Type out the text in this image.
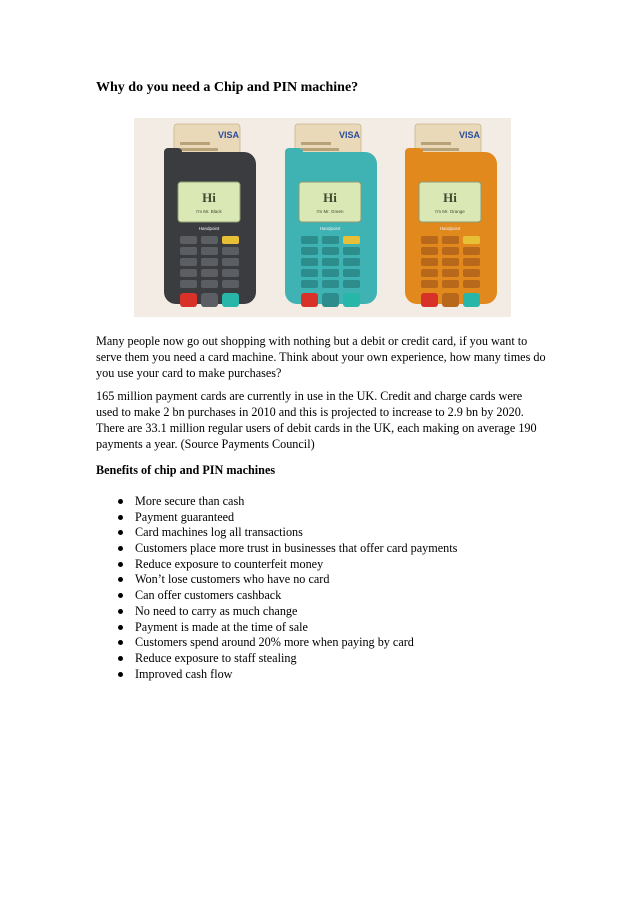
Why do you need a Chip and PIN machine?
VISA
Hi
I'm Mr. Black
Handpoint
VISA
Hi
I'm Mr. Green
Handpoint
VISA
Hi
I'm Mr. Orange
Handpoint

Many people now go out shopping with nothing but a debit or credit card, if you want to serve them you need a card machine. Think about your own experience, how many times do you use your card to make purchases?

165 million payment cards are currently in use in the UK. Credit and charge cards were used to make 2 bn purchases in 2010 and this is projected to increase to 2.9 bn by 2020. There are 33.1 million regular users of debit cards in the UK, each making on average 190 payments a year. (Source Payments Council)

Benefits of chip and PIN machines

More secure than cash
Payment guaranteed
Card machines log all transactions
Customers place more trust in businesses that offer card payments
Reduce exposure to counterfeit money
Won’t lose customers who have no card
Can offer customers cashback
No need to carry as much change
Payment is made at the time of sale
Customers spend around 20% more when paying by card
Reduce exposure to staff stealing
Improved cash flow
